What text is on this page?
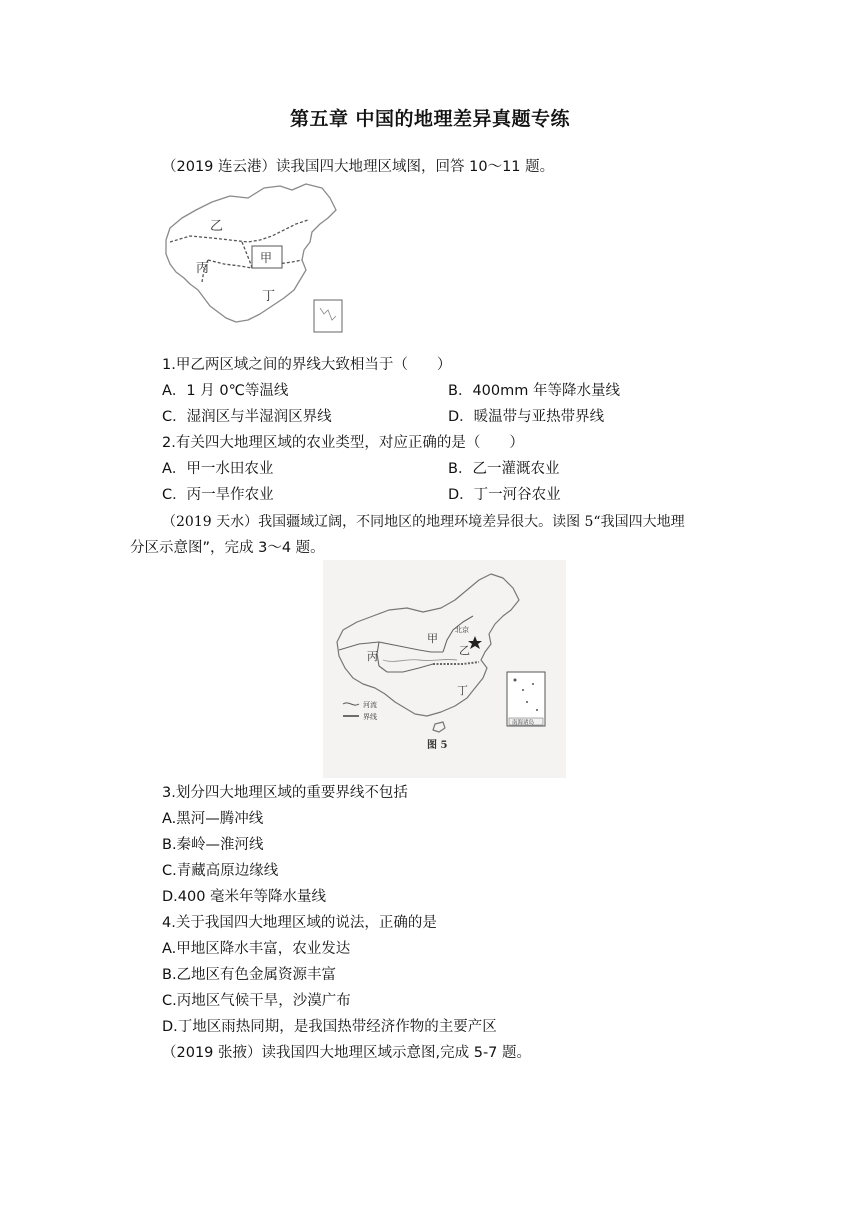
第五章 中国的地理差异真题专练
（2019 连云港）读我国四大地理区域图，回答 10～11 题。
乙
甲
丙
丁
1.甲乙两区域之间的界线大致相当于（　　）
A．1 月 0℃等温线	B．400mm 年等降水量线
C．湿润区与半湿润区界线	D．暖温带与亚热带界线
2.有关四大地理区域的农业类型，对应正确的是（　　）
A．甲一水田农业	B．乙一灌溉农业
C．丙一旱作农业	D．丁一河谷农业
（2019 天水）我国疆域辽阔，不同地区的地理环境差异很大。读图 5“我国四大地理
分区示意图”，完成 3～4 题。
北京
甲
乙
丙
丁
河流
界线
南海诸岛
图 5
3.划分四大地理区域的重要界线不包括
A.黑河—腾冲线
B.秦岭—淮河线
C.青藏高原边缘线
D.400 毫米年等降水量线
4.关于我国四大地理区域的说法，正确的是
A.甲地区降水丰富，农业发达
B.乙地区有色金属资源丰富
C.丙地区气候干旱，沙漠广布
D.丁地区雨热同期，是我国热带经济作物的主要产区
（2019 张掖）读我国四大地理区域示意图,完成 5-7 题。
